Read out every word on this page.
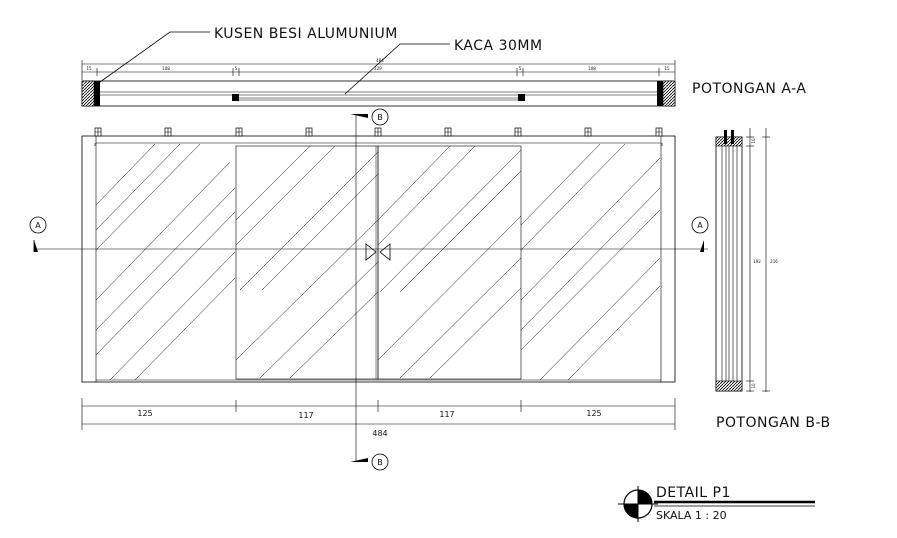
15	108	5	229	5	108	15
484
KUSEN BESI ALUMUNIUM
KACA 30MM
POTONGAN A-A
A	A
B
B
125	117	117	125
484
10
192
10
216
POTONGAN B-B
DETAIL P1
SKALA 1 : 20
